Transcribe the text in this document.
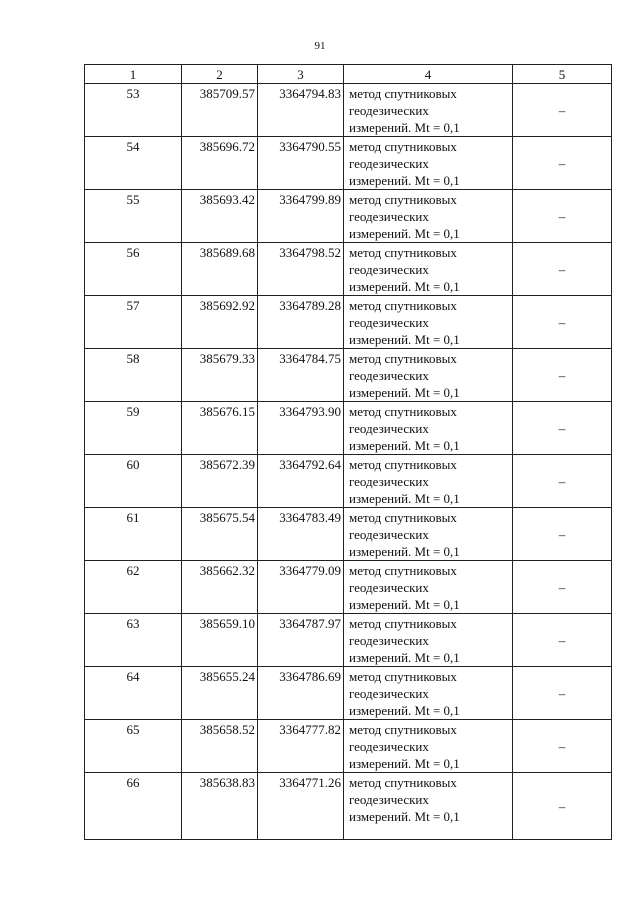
91
1	2	3	4	5
53	385709.57	3364794.83	метод спутниковых
геодезических
измерений. Mt = 0,1	–
54	385696.72	3364790.55	метод спутниковых
геодезических
измерений. Mt = 0,1	–
55	385693.42	3364799.89	метод спутниковых
геодезических
измерений. Mt = 0,1	–
56	385689.68	3364798.52	метод спутниковых
геодезических
измерений. Mt = 0,1	–
57	385692.92	3364789.28	метод спутниковых
геодезических
измерений. Mt = 0,1	–
58	385679.33	3364784.75	метод спутниковых
геодезических
измерений. Mt = 0,1	–
59	385676.15	3364793.90	метод спутниковых
геодезических
измерений. Mt = 0,1	–
60	385672.39	3364792.64	метод спутниковых
геодезических
измерений. Mt = 0,1	–
61	385675.54	3364783.49	метод спутниковых
геодезических
измерений. Mt = 0,1	–
62	385662.32	3364779.09	метод спутниковых
геодезических
измерений. Mt = 0,1	–
63	385659.10	3364787.97	метод спутниковых
геодезических
измерений. Mt = 0,1	–
64	385655.24	3364786.69	метод спутниковых
геодезических
измерений. Mt = 0,1	–
65	385658.52	3364777.82	метод спутниковых
геодезических
измерений. Mt = 0,1	–
66	385638.83	3364771.26	метод спутниковых
геодезических
измерений. Mt = 0,1	–
